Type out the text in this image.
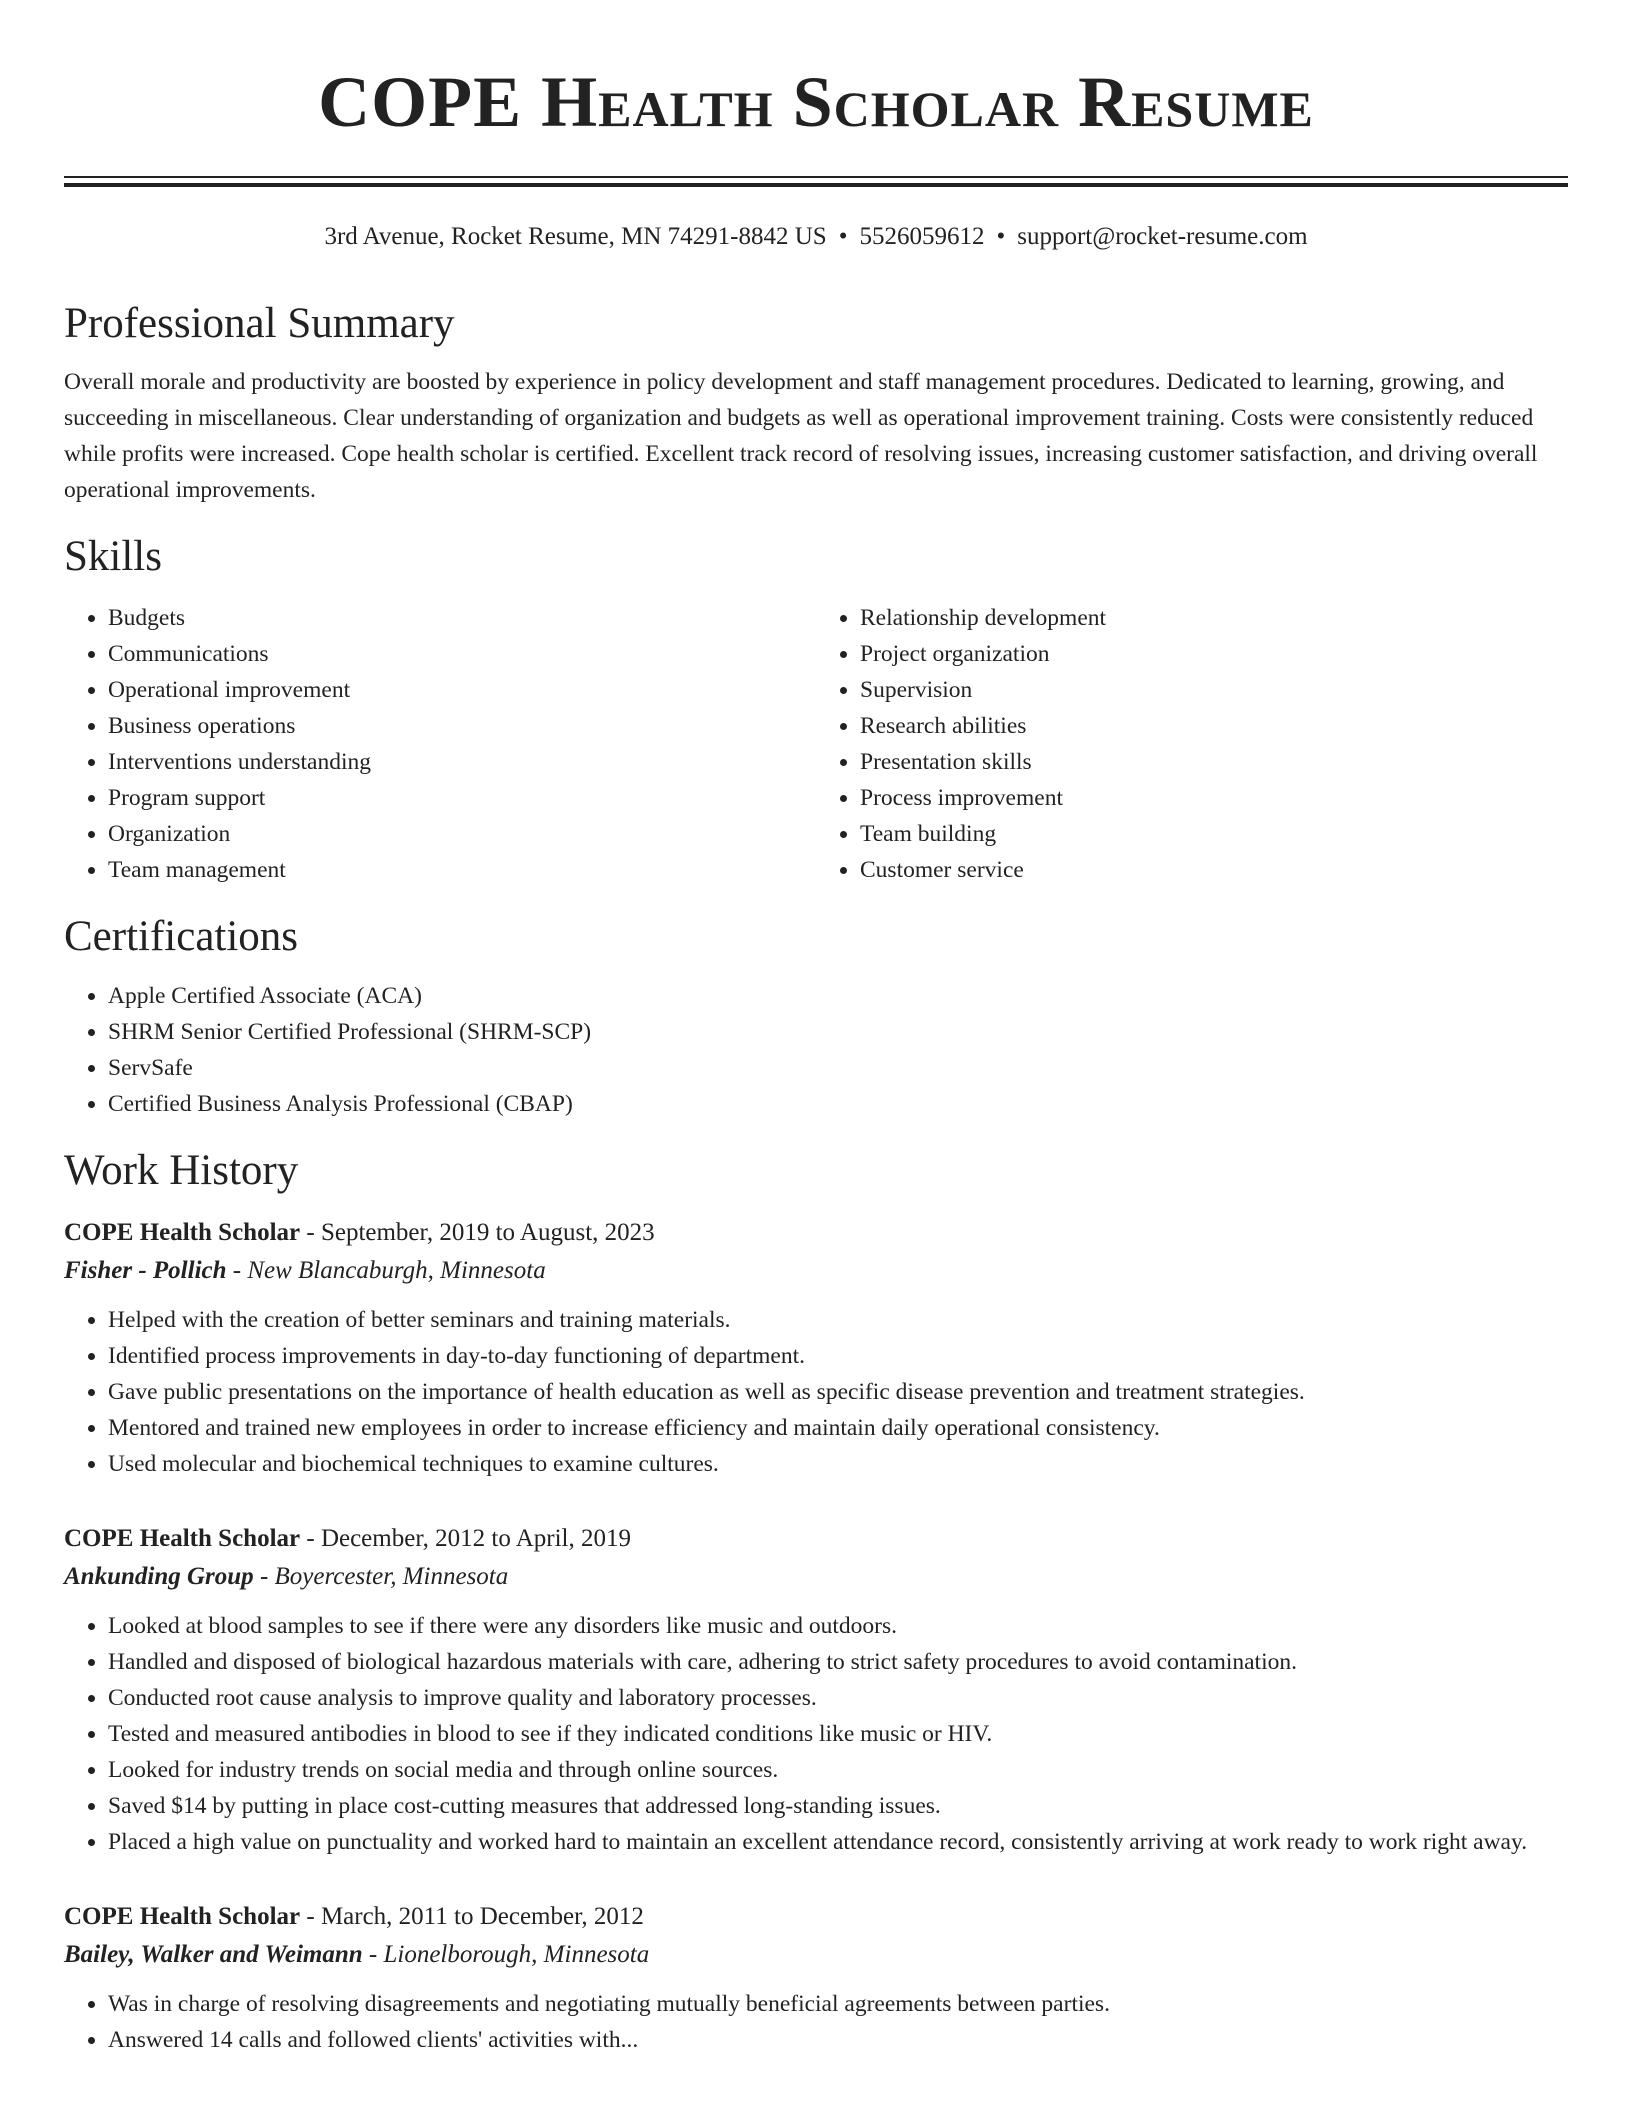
COPE Health Scholar Resume
3rd Avenue, Rocket Resume, MN 74291-8842 US • 5526059612 • support@rocket-resume.com
Professional Summary

Overall morale and productivity are boosted by experience in policy development and staff management procedures. Dedicated to learning, growing, and succeeding in miscellaneous. Clear understanding of organization and budgets as well as operational improvement training. Costs were consistently reduced while profits were increased. Cope health scholar is certified. Excellent track record of resolving issues, increasing customer satisfaction, and driving overall operational improvements.

Skills
• Budgets
• Communications
• Operational improvement
• Business operations
• Interventions understanding
• Program support
• Organization
• Team management
• Relationship development
• Project organization
• Supervision
• Research abilities
• Presentation skills
• Process improvement
• Team building
• Customer service
Certifications
• Apple Certified Associate (ACA)
• SHRM Senior Certified Professional (SHRM-SCP)
• ServSafe
• Certified Business Analysis Professional (CBAP)
Work History
COPE Health Scholar - September, 2019 to August, 2023
Fisher - Pollich - New Blancaburgh, Minnesota
• Helped with the creation of better seminars and training materials.
• Identified process improvements in day-to-day functioning of department.
• Gave public presentations on the importance of health education as well as specific disease prevention and treatment strategies.
• Mentored and trained new employees in order to increase efficiency and maintain daily operational consistency.
• Used molecular and biochemical techniques to examine cultures.
COPE Health Scholar - December, 2012 to April, 2019
Ankunding Group - Boyercester, Minnesota
• Looked at blood samples to see if there were any disorders like music and outdoors.
• Handled and disposed of biological hazardous materials with care, adhering to strict safety procedures to avoid contamination.
• Conducted root cause analysis to improve quality and laboratory processes.
• Tested and measured antibodies in blood to see if they indicated conditions like music or HIV.
• Looked for industry trends on social media and through online sources.
• Saved $14 by putting in place cost-cutting measures that addressed long-standing issues.
• Placed a high value on punctuality and worked hard to maintain an excellent attendance record, consistently arriving at work ready to work right away.
COPE Health Scholar - March, 2011 to December, 2012
Bailey, Walker and Weimann - Lionelborough, Minnesota
• Was in charge of resolving disagreements and negotiating mutually beneficial agreements between parties.
• Answered 14 calls and followed clients' activities with...
